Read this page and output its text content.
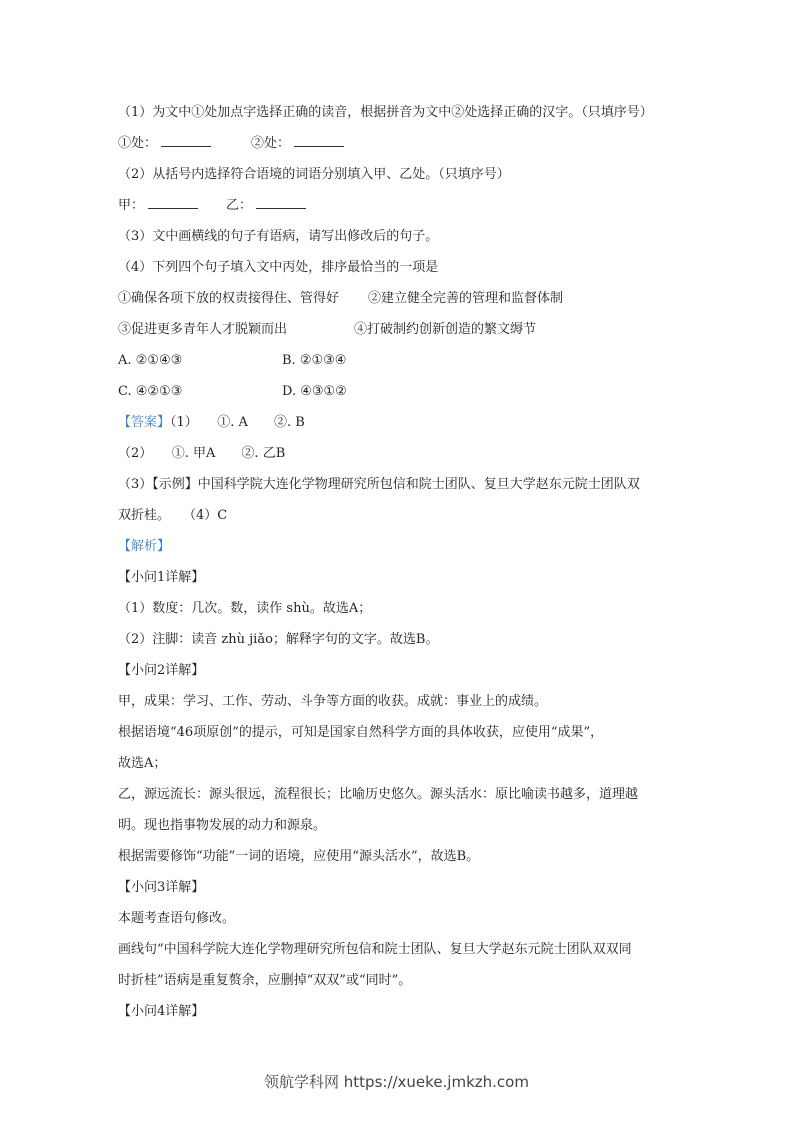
（1）为文中①处加点字选择正确的读音，根据拼音为文中②处选择正确的汉字。（只填序号）
①处：	②处：
（2）从括号内选择符合语境的词语分别填入甲、乙处。（只填序号）
甲：	乙：
（3）文中画横线的句子有语病，请写出修改后的句子。
（4）下列四个句子填入文中丙处，排序最恰当的一项是
①确保各项下放的权责接得住、管得好 ②建立健全完善的管理和监督体制
③促进更多青年人才脱颖而出	④打破制约创新创造的繁文缛节
A. ②①④③	B. ②①③④
C. ④②①③	D. ④③①②
【答案】（1）　　①. A　　②. B
（2）　　①. 甲A　　②. 乙B
（3）【示例】中国科学院大连化学物理研究所包信和院士团队、复旦大学赵东元院士团队双
双折桂。　　（4）C
【解析】
【小问1详解】
（1）数度：几次。数，读作 shù。故选A；
（2）注脚：读音 zhù jiǎo；解释字句的文字。故选B。
【小问2详解】
甲，成果：学习、工作、劳动、斗争等方面的收获。成就：事业上的成绩。
根据语境“46项原创”的提示，可知是国家自然科学方面的具体收获，应使用“成果”，
故选A；
乙，源远流长：源头很远，流程很长；比喻历史悠久。源头活水：原比喻读书越多，道理越
明。现也指事物发展的动力和源泉。
根据需要修饰“功能”一词的语境，应使用“源头活水”，故选B。
【小问3详解】
本题考查语句修改。
画线句“中国科学院大连化学物理研究所包信和院士团队、复旦大学赵东元院士团队双双同
时折桂”语病是重复赘余，应删掉“双双”或“同时”。
【小问4详解】
领航学科网 https://xueke.jmkzh.com
